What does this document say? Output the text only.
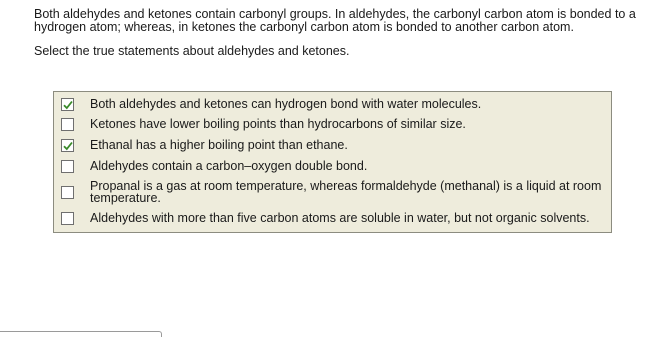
Both aldehydes and ketones contain carbonyl groups. In aldehydes, the carbonyl carbon atom is bonded to a hydrogen atom; whereas, in ketones the carbonyl carbon atom is bonded to another carbon atom.
Select the true statements about aldehydes and ketones.
Both aldehydes and ketones can hydrogen bond with water molecules.
Ketones have lower boiling points than hydrocarbons of similar size.
Ethanal has a higher boiling point than ethane.
Aldehydes contain a carbon–oxygen double bond.
Propanal is a gas at room temperature, whereas formaldehyde (methanal) is a liquid at room temperature.
Aldehydes with more than five carbon atoms are soluble in water, but not organic solvents.
